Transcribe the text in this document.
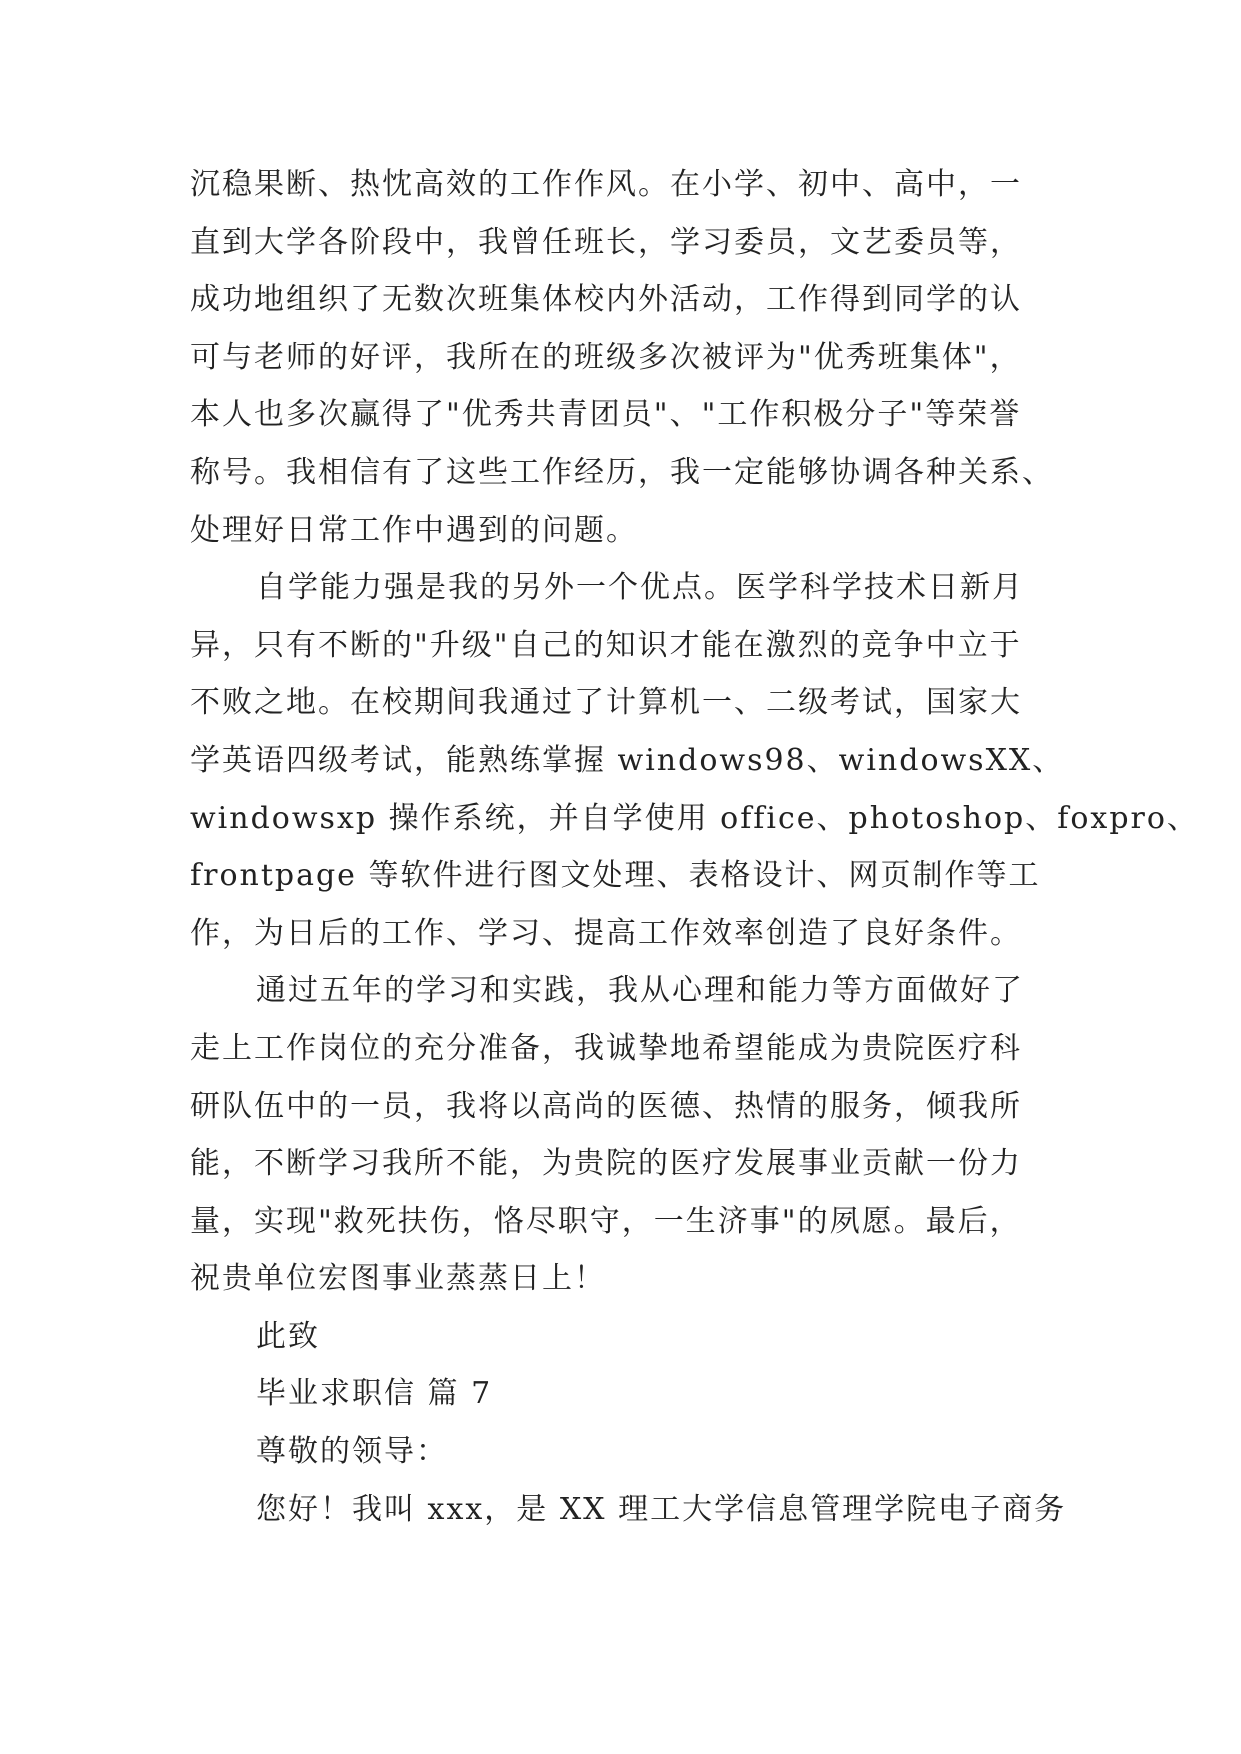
沉稳果断、热忱高效的工作作风。在小学、初中、高中，一
直到大学各阶段中，我曾任班长，学习委员，文艺委员等，
成功地组织了无数次班集体校内外活动，工作得到同学的认
可与老师的好评，我所在的班级多次被评为"优秀班集体"，
本人也多次赢得了"优秀共青团员"、"工作积极分子"等荣誉
称号。我相信有了这些工作经历，我一定能够协调各种关系、
处理好日常工作中遇到的问题。
自学能力强是我的另外一个优点。医学科学技术日新月
异，只有不断的"升级"自己的知识才能在激烈的竞争中立于
不败之地。在校期间我通过了计算机一、二级考试，国家大
学英语四级考试，能熟练掌握 windows98、windowsXX、
windowsxp 操作系统，并自学使用 office、photoshop、foxpro、
frontpage 等软件进行图文处理、表格设计、网页制作等工
作，为日后的工作、学习、提高工作效率创造了良好条件。
通过五年的学习和实践，我从心理和能力等方面做好了
走上工作岗位的充分准备，我诚挚地希望能成为贵院医疗科
研队伍中的一员，我将以高尚的医德、热情的服务，倾我所
能，不断学习我所不能，为贵院的医疗发展事业贡献一份力
量，实现"救死扶伤，恪尽职守，一生济事"的夙愿。最后，
祝贵单位宏图事业蒸蒸日上！
此致
毕业求职信 篇 7
尊敬的领导：
您好！我叫 xxx，是 XX 理工大学信息管理学院电子商务
